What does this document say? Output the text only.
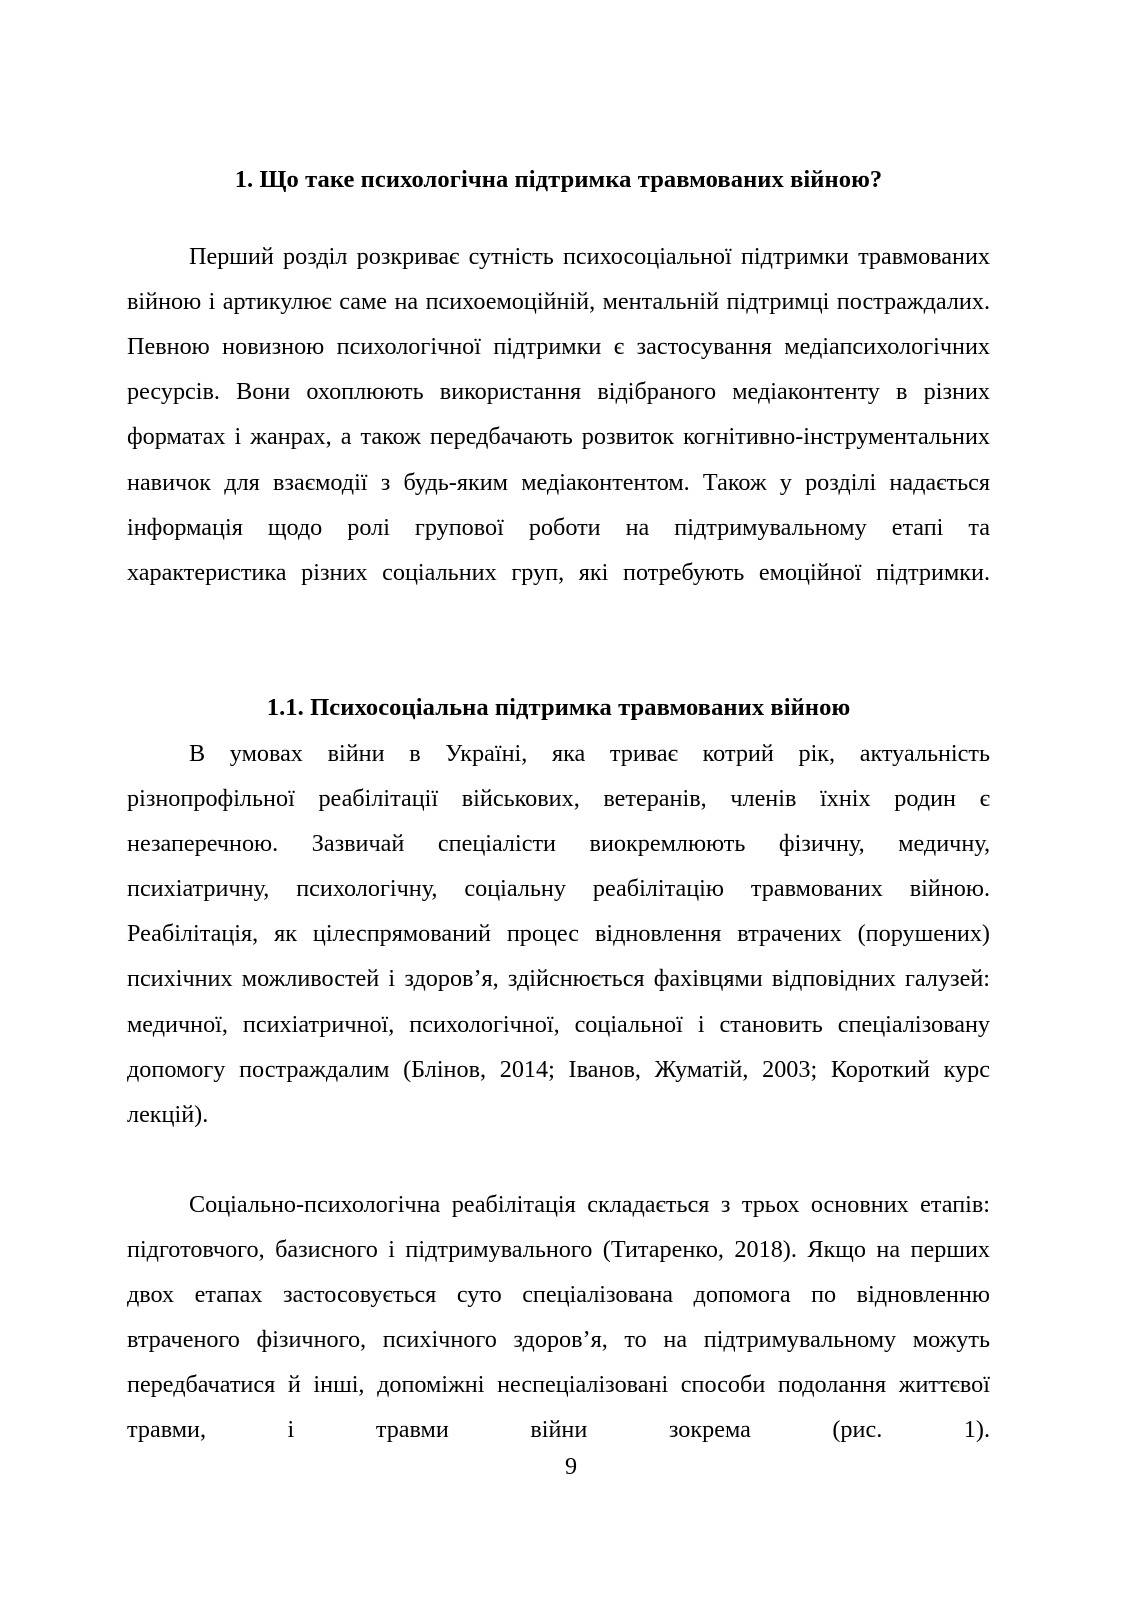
1. Що таке психологічна підтримка травмованих війною?

Перший розділ розкриває сутність психосоціальної підтримки травмованих війною і артикулює саме на психоемоційній, ментальній підтримці постраждалих. Певною новизною психологічної підтримки є застосування медіапсихологічних ресурсів. Вони охоплюють використання відібраного медіаконтенту в різних форматах і жанрах, а також передбачають розвиток когнітивно-інструментальних навичок для взаємодії з будь-яким медіаконтентом. Також у розділі надається інформація щодо ролі групової роботи на підтримувальному етапі та характеристика різних соціальних груп, які потребують емоційної підтримки.

1.1. Психосоціальна підтримка травмованих війною

В умовах війни в Україні, яка триває котрий рік, актуальність різнопрофільної реабілітації військових, ветеранів, членів їхніх родин є незаперечною. Зазвичай спеціалісти виокремлюють фізичну, медичну, психіатричну, психологічну, соціальну реабілітацію травмованих війною. Реабілітація, як цілеспрямований процес відновлення втрачених (порушених) психічних можливостей і здоров’я, здійснюється фахівцями відповідних галузей: медичної, психіатричної, психологічної, соціальної і становить спеціалізовану допомогу постраждалим (Блінов, 2014; Іванов, Жуматій, 2003; Короткий курс лекцій).

Соціально-психологічна реабілітація складається з трьох основних етапів: підготовчого, базисного і підтримувального (Титаренко, 2018). Якщо на перших двох етапах застосовується суто спеціалізована допомога по відновленню втраченого фізичного, психічного здоров’я, то на підтримувальному можуть передбачатися й інші, допоміжні неспеціалізовані способи подолання життєвої травми, і травми війни зокрема (рис. 1).

9
